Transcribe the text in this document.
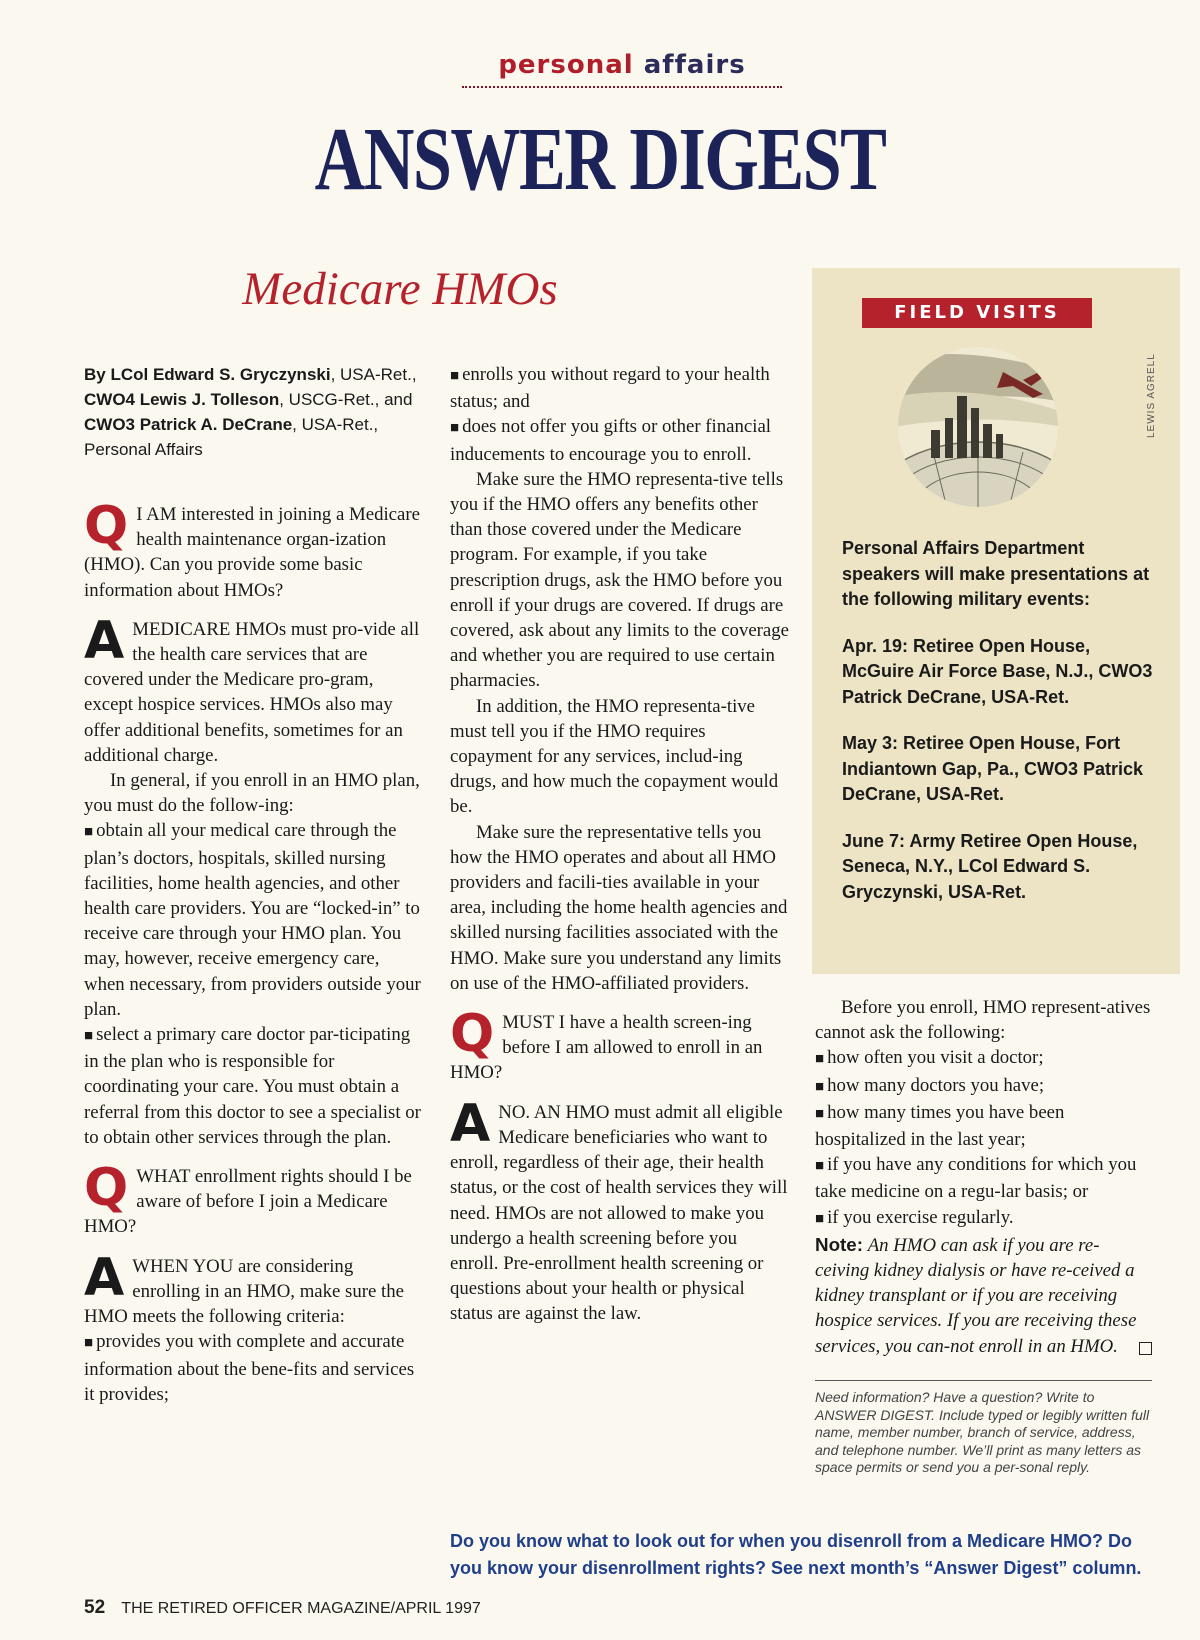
personal affairs
ANSWER DIGEST
Medicare HMOs

By LCol Edward S. Gryczynski, USA-Ret.,
CWO4 Lewis J. Tolleson, USCG-Ret., and
CWO3 Patrick A. DeCrane, USA-Ret.,
Personal Affairs

Q I AM interested in joining a Medicare health maintenance organ-ization (HMO). Can you provide some basic information about HMOs?

A MEDICARE HMOs must pro-vide all the health care services that are covered under the Medicare pro-gram, except hospice services. HMOs also may offer additional benefits, sometimes for an additional charge.

In general, if you enroll in an HMO plan, you must do the follow-ing:

■ obtain all your medical care through the plan’s doctors, hospitals, skilled nursing facilities, home health agencies, and other health care providers. You are “locked-in” to receive care through your HMO plan. You may, however, receive emergency care, when necessary, from providers outside your plan.

■ select a primary care doctor par-ticipating in the plan who is responsible for coordinating your care. You must obtain a referral from this doctor to see a specialist or to obtain other services through the plan.

Q WHAT enrollment rights should I be aware of before I join a Medicare HMO?

A WHEN YOU are considering enrolling in an HMO, make sure the HMO meets the following criteria:

■ provides you with complete and accurate information about the bene-fits and services it provides;

■ enrolls you without regard to your health status; and

■ does not offer you gifts or other financial inducements to encourage you to enroll.

Make sure the HMO representa-tive tells you if the HMO offers any benefits other than those covered under the Medicare program. For example, if you take prescription drugs, ask the HMO before you enroll if your drugs are covered. If drugs are covered, ask about any limits to the coverage and whether you are required to use certain pharmacies.

In addition, the HMO representa-tive must tell you if the HMO requires copayment for any services, includ-ing drugs, and how much the copayment would be.

Make sure the representative tells you how the HMO operates and about all HMO providers and facili-ties available in your area, including the home health agencies and skilled nursing facilities associated with the HMO. Make sure you understand any limits on use of the HMO-affiliated providers.

Q MUST I have a health screen-ing before I am allowed to enroll in an HMO?

A NO. AN HMO must admit all eligible Medicare beneficiaries who want to enroll, regardless of their age, their health status, or the cost of health services they will need. HMOs are not allowed to make you undergo a health screening before you enroll. Pre-enrollment health screening or questions about your health or physical status are against the law.

Before you enroll, HMO represent-atives cannot ask the following:

■ how often you visit a doctor;

■ how many doctors you have;

■ how many times you have been hospitalized in the last year;

■ if you have any conditions for which you take medicine on a regu-lar basis; or

■ if you exercise regularly.

Note: An HMO can ask if you are re-ceiving kidney dialysis or have re-ceived a kidney transplant or if you are receiving hospice services. If you are receiving these services, you can-not enroll in an HMO.

FIELD VISITS
LEWIS AGRELL

Personal Affairs Department speakers will make presentations at the following military events:

Apr. 19: Retiree Open House, McGuire Air Force Base, N.J., CWO3 Patrick DeCrane, USA-Ret.

May 3: Retiree Open House, Fort Indiantown Gap, Pa., CWO3 Patrick DeCrane, USA-Ret.

June 7: Army Retiree Open House, Seneca, N.Y., LCol Edward S. Gryczynski, USA-Ret.

Need information? Have a question? Write to ANSWER DIGEST. Include typed or legibly written full name, member number, branch of service, address, and telephone number. We’ll print as many letters as space permits or send you a per-sonal reply.
Do you know what to look out for when you disenroll from a Medicare HMO? Do you know your disenrollment rights? See next month’s “Answer Digest” column.
52 THE RETIRED OFFICER MAGAZINE/APRIL 1997
